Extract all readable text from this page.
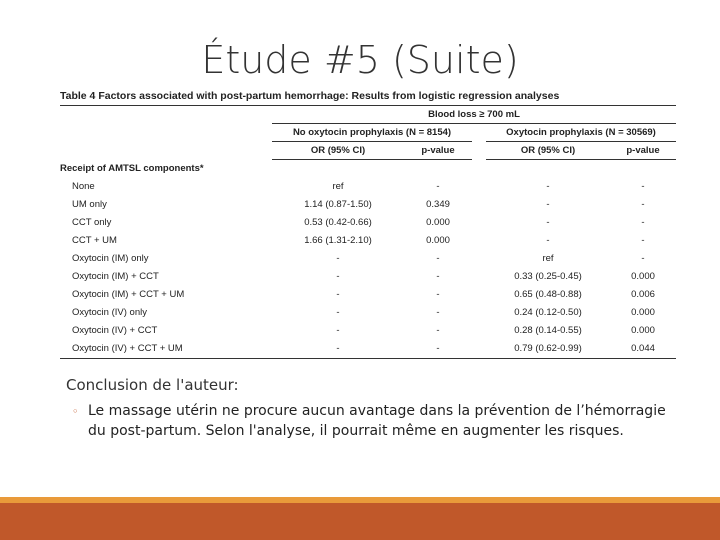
Étude #5 (Suite)
Table 4 Factors associated with post-partum hemorrhage: Results from logistic regression analyses
	Blood loss ≥ 700 mL				
	No oxytocin prophylaxis (N = 8154)			Oxytocin prophylaxis (N = 30569)	
	OR (95% CI)	p-value		OR (95% CI)	p-value
Receipt of AMTSL components*					
None	ref	-		-	-
UM only	1.14 (0.87-1.50)	0.349		-	-
CCT only	0.53 (0.42-0.66)	0.000		-	-
CCT + UM	1.66 (1.31-2.10)	0.000		-	-
Oxytocin (IM) only	-	-		ref	-
Oxytocin (IM) + CCT	-	-		0.33 (0.25-0.45)	0.000
Oxytocin (IM) + CCT + UM	-	-		0.65 (0.48-0.88)	0.006
Oxytocin (IV) only	-	-		0.24 (0.12-0.50)	0.000
Oxytocin (IV) + CCT	-	-		0.28 (0.14-0.55)	0.000
Oxytocin (IV) + CCT + UM	-	-		0.79 (0.62-0.99)	0.044

Conclusion de l'auteur:
◦ Le massage utérin ne procure aucun avantage dans la prévention de l’hémorragie du post-partum. Selon l'analyse, il pourrait même en augmenter les risques.
